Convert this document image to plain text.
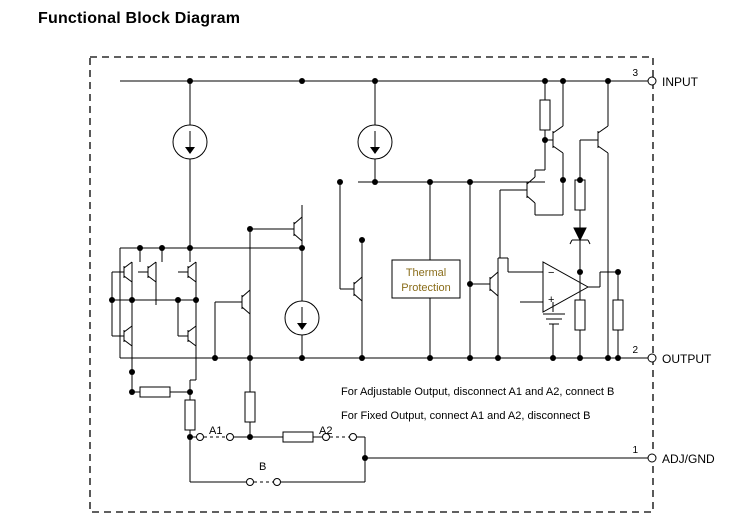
Functional Block Diagram
−
+
3
INPUT
2
OUTPUT
1
ADJ/GND
Thermal
Protection
For Adjustable Output, disconnect A1 and A2, connect B
For Fixed Output, connect A1 and A2, disconnect B
A1	A2
B
